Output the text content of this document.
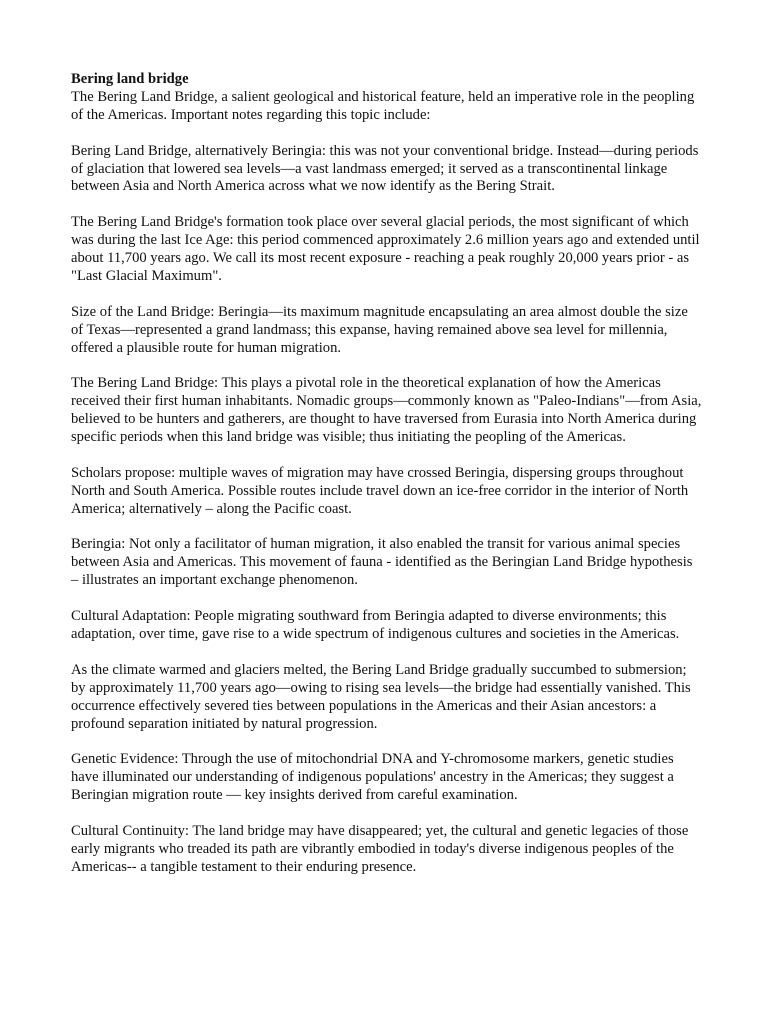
Bering land bridge

The Bering Land Bridge, a salient geological and historical feature, held an imperative role in the peopling of the Americas. Important notes regarding this topic include:

Bering Land Bridge, alternatively Beringia: this was not your conventional bridge. Instead—during periods of glaciation that lowered sea levels—a vast landmass emerged; it served as a transcontinental linkage between Asia and North America across what we now identify as the Bering Strait.

The Bering Land Bridge's formation took place over several glacial periods, the most significant of which was during the last Ice Age: this period commenced approximately 2.6 million years ago and extended until about 11,700 years ago. We call its most recent exposure - reaching a peak roughly 20,000 years prior - as "Last Glacial Maximum".

Size of the Land Bridge: Beringia—its maximum magnitude encapsulating an area almost double the size of Texas—represented a grand landmass; this expanse, having remained above sea level for millennia, offered a plausible route for human migration.

The Bering Land Bridge: This plays a pivotal role in the theoretical explanation of how the Americas received their first human inhabitants. Nomadic groups—commonly known as "Paleo-Indians"—from Asia, believed to be hunters and gatherers, are thought to have traversed from Eurasia into North America during specific periods when this land bridge was visible; thus initiating the peopling of the Americas.

Scholars propose: multiple waves of migration may have crossed Beringia, dispersing groups throughout North and South America. Possible routes include travel down an ice-free corridor in the interior of North America; alternatively – along the Pacific coast.

Beringia: Not only a facilitator of human migration, it also enabled the transit for various animal species between Asia and Americas. This movement of fauna - identified as the Beringian Land Bridge hypothesis – illustrates an important exchange phenomenon.

Cultural Adaptation: People migrating southward from Beringia adapted to diverse environments; this adaptation, over time, gave rise to a wide spectrum of indigenous cultures and societies in the Americas.

As the climate warmed and glaciers melted, the Bering Land Bridge gradually succumbed to submersion; by approximately 11,700 years ago—owing to rising sea levels—the bridge had essentially vanished. This occurrence effectively severed ties between populations in the Americas and their Asian ancestors: a profound separation initiated by natural progression.

Genetic Evidence: Through the use of mitochondrial DNA and Y-chromosome markers, genetic studies have illuminated our understanding of indigenous populations' ancestry in the Americas; they suggest a Beringian migration route — key insights derived from careful examination.

Cultural Continuity: The land bridge may have disappeared; yet, the cultural and genetic legacies of those early migrants who treaded its path are vibrantly embodied in today's diverse indigenous peoples of the Americas-- a tangible testament to their enduring presence.
